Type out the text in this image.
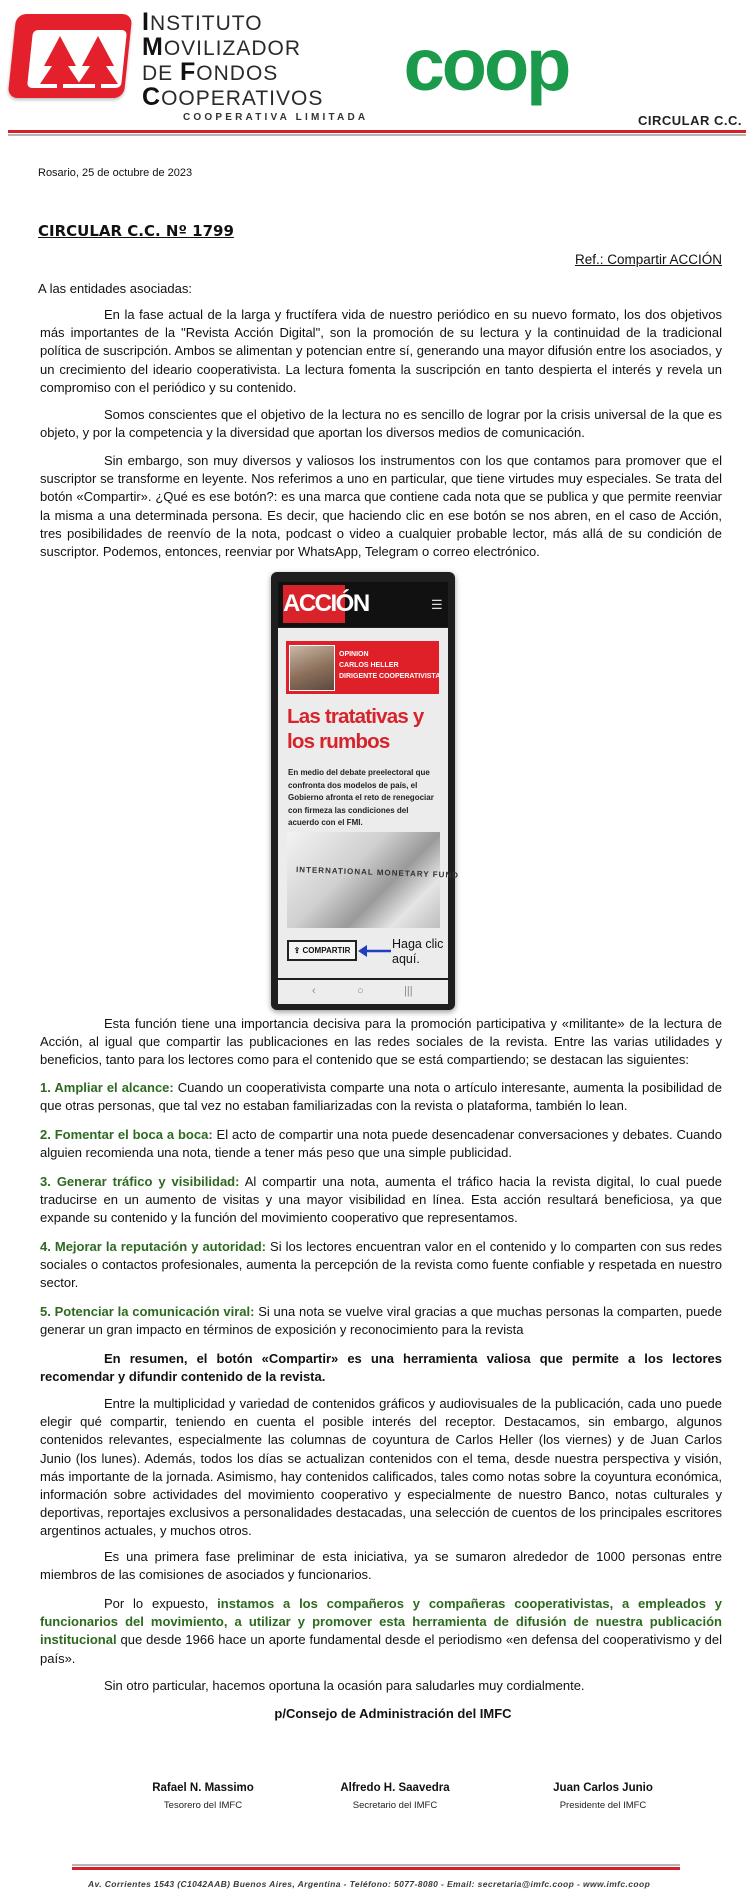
INSTITUTO
MOVILIZADOR
DE FONDOS
COOPERATIVOS
COOPERATIVA LIMITADA
coop
CIRCULAR C.C.
Rosario, 25 de octubre de 2023
CIRCULAR C.C. Nº 1799
Ref.: Compartir ACCIÓN
A las entidades asociadas:

En la fase actual de la larga y fructífera vida de nuestro periódico en su nuevo formato, los dos objetivos más importantes de la "Revista Acción Digital", son la promoción de su lectura y la continuidad de la tradicional política de suscripción. Ambos se alimentan y potencian entre sí, generando una mayor difusión entre los asociados, y un crecimiento del ideario cooperativista. La lectura fomenta la suscripción en tanto despierta el interés y revela un compromiso con el periódico y su contenido.

Somos conscientes que el objetivo de la lectura no es sencillo de lograr por la crisis universal de la que es objeto, y por la competencia y la diversidad que aportan los diversos medios de comunicación.

Sin embargo, son muy diversos y valiosos los instrumentos con los que contamos para promover que el suscriptor se transforme en leyente. Nos referimos a uno en particular, que tiene virtudes muy especiales. Se trata del botón «Compartir». ¿Qué es ese botón?: es una marca que contiene cada nota que se publica y que permite reenviar la misma a una determinada persona. Es decir, que haciendo clic en ese botón se nos abren, en el caso de Acción, tres posibilidades de reenvío de la nota, podcast o video a cualquier probable lector, más allá de su condición de suscriptor. Podemos, entonces, reenviar por WhatsApp, Telegram o correo electrónico.

ACCIÓN	☰
OPINION
CARLOS HELLER
DIRIGENTE COOPERATIVISTA
Las tratativas y los rumbos
En medio del debate preelectoral que confronta dos modelos de país, el Gobierno afronta el reto de renegociar con firmeza las condiciones del acuerdo con el FMI.
INTERNATIONAL MONETARY FUND
⇪ COMPARTIR	Haga clic aquí.
‹	○	|||

Esta función tiene una importancia decisiva para la promoción participativa y «militante» de la lectura de Acción, al igual que compartir las publicaciones en las redes sociales de la revista. Entre las varias utilidades y beneficios, tanto para los lectores como para el contenido que se está compartiendo; se destacan las siguientes:

1. Ampliar el alcance: Cuando un cooperativista comparte una nota o artículo interesante, aumenta la posibilidad de que otras personas, que tal vez no estaban familiarizadas con la revista o plataforma, también lo lean.

2. Fomentar el boca a boca: El acto de compartir una nota puede desencadenar conversaciones y debates. Cuando alguien recomienda una nota, tiende a tener más peso que una simple publicidad.

3. Generar tráfico y visibilidad: Al compartir una nota, aumenta el tráfico hacia la revista digital, lo cual puede traducirse en un aumento de visitas y una mayor visibilidad en línea. Esta acción resultará beneficiosa, ya que expande su contenido y la función del movimiento cooperativo que representamos.

4. Mejorar la reputación y autoridad: Si los lectores encuentran valor en el contenido y lo comparten con sus redes sociales o contactos profesionales, aumenta la percepción de la revista como fuente confiable y respetada en nuestro sector.

5. Potenciar la comunicación viral: Si una nota se vuelve viral gracias a que muchas personas la comparten, puede generar un gran impacto en términos de exposición y reconocimiento para la revista

En resumen, el botón «Compartir» es una herramienta valiosa que permite a los lectores recomendar y difundir contenido de la revista.

Entre la multiplicidad y variedad de contenidos gráficos y audiovisuales de la publicación, cada uno puede elegir qué compartir, teniendo en cuenta el posible interés del receptor. Destacamos, sin embargo, algunos contenidos relevantes, especialmente las columnas de coyuntura de Carlos Heller (los viernes) y de Juan Carlos Junio (los lunes). Además, todos los días se actualizan contenidos con el tema, desde nuestra perspectiva y visión, más importante de la jornada. Asimismo, hay contenidos calificados, tales como notas sobre la coyuntura económica, información sobre actividades del movimiento cooperativo y especialmente de nuestro Banco, notas culturales y deportivas, reportajes exclusivos a personalidades destacadas, una selección de cuentos de los principales escritores argentinos actuales, y muchos otros.

Es una primera fase preliminar de esta iniciativa, ya se sumaron alrededor de 1000 personas entre miembros de las comisiones de asociados y funcionarios.

Por lo expuesto, instamos a los compañeros y compañeras cooperativistas, a empleados y funcionarios del movimiento, a utilizar y promover esta herramienta de difusión de nuestra publicación institucional que desde 1966 hace un aporte fundamental desde el periodismo «en defensa del cooperativismo y del país».

Sin otro particular, hacemos oportuna la ocasión para saludarles muy cordialmente.

p/Consejo de Administración del IMFC
Rafael N. Massimo
Tesorero del IMFC
Alfredo H. Saavedra
Secretario del IMFC
Juan Carlos Junio
Presidente del IMFC
Av. Corrientes 1543 (C1042AAB) Buenos Aires, Argentina - Teléfono: 5077-8080 - Email: secretaria@imfc.coop - www.imfc.coop
